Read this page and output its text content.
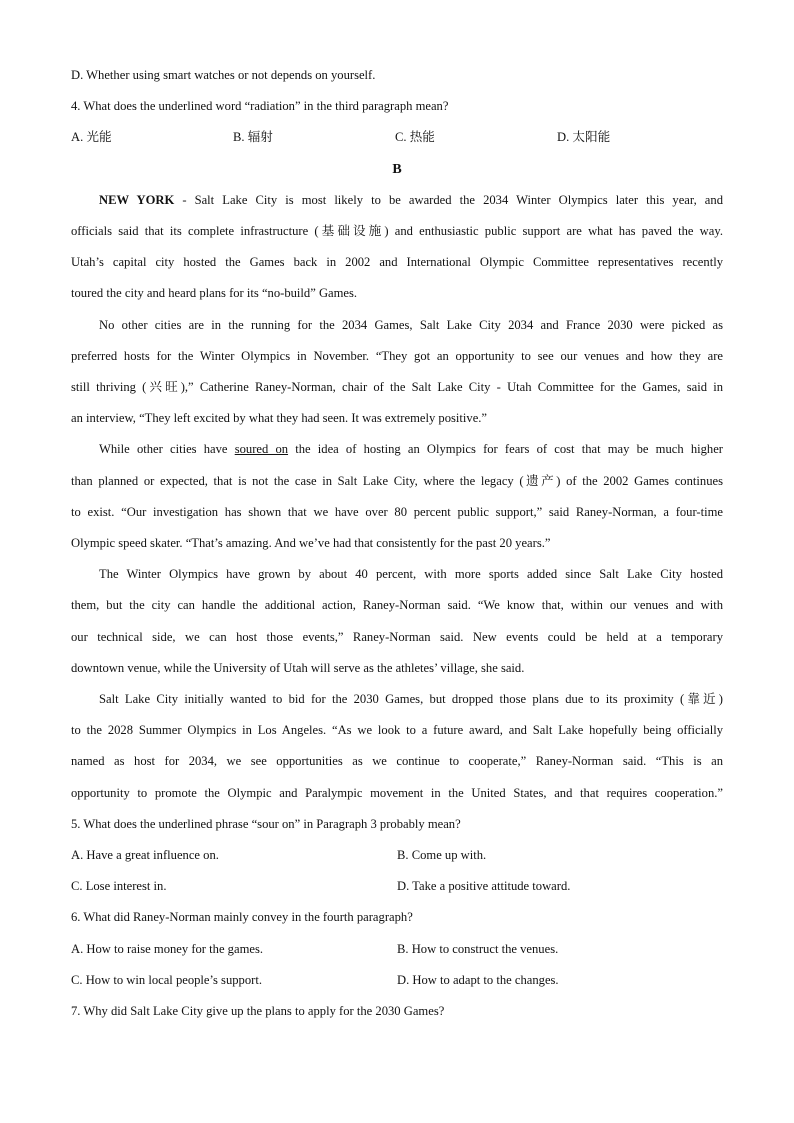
D. Whether using smart watches or not depends on yourself.

4. What does the underlined word “radiation” in the third paragraph mean?

A. 光能	B. 辐射	C. 热能	D. 太阳能

B

NEW YORK - Salt Lake City is most likely to be awarded the 2034 Winter Olympics later this year, and

officials said that its complete infrastructure (基础设施) and enthusiastic public support are what has paved the way.

Utah’s capital city hosted the Games back in 2002 and International Olympic Committee representatives recently

toured the city and heard plans for its “no-build” Games.

No other cities are in the running for the 2034 Games, Salt Lake City 2034 and France 2030 were picked as

preferred hosts for the Winter Olympics in November. “They got an opportunity to see our venues and how they are

still thriving (兴旺),” Catherine Raney-Norman, chair of the Salt Lake City - Utah Committee for the Games, said in

an interview, “They left excited by what they had seen. It was extremely positive.”

While other cities have soured on the idea of hosting an Olympics for fears of cost that may be much higher

than planned or expected, that is not the case in Salt Lake City, where the legacy (遗产) of the 2002 Games continues

to exist. “Our investigation has shown that we have over 80 percent public support,” said Raney-Norman, a four-time

Olympic speed skater. “That’s amazing. And we’ve had that consistently for the past 20 years.”

The Winter Olympics have grown by about 40 percent, with more sports added since Salt Lake City hosted

them, but the city can handle the additional action, Raney-Norman said. “We know that, within our venues and with

our technical side, we can host those events,” Raney-Norman said. New events could be held at a temporary

downtown venue, while the University of Utah will serve as the athletes’ village, she said.

Salt Lake City initially wanted to bid for the 2030 Games, but dropped those plans due to its proximity (靠近)

to the 2028 Summer Olympics in Los Angeles. “As we look to a future award, and Salt Lake hopefully being officially

named as host for 2034, we see opportunities as we continue to cooperate,” Raney-Norman said. “This is an

opportunity to promote the Olympic and Paralympic movement in the United States, and that requires cooperation.”

5. What does the underlined phrase “sour on” in Paragraph 3 probably mean?

A. Have a great influence on.	B. Come up with.
C. Lose interest in.	D. Take a positive attitude toward.

6. What did Raney-Norman mainly convey in the fourth paragraph?

A. How to raise money for the games.	B. How to construct the venues.
C. How to win local people’s support.	D. How to adapt to the changes.

7. Why did Salt Lake City give up the plans to apply for the 2030 Games?
